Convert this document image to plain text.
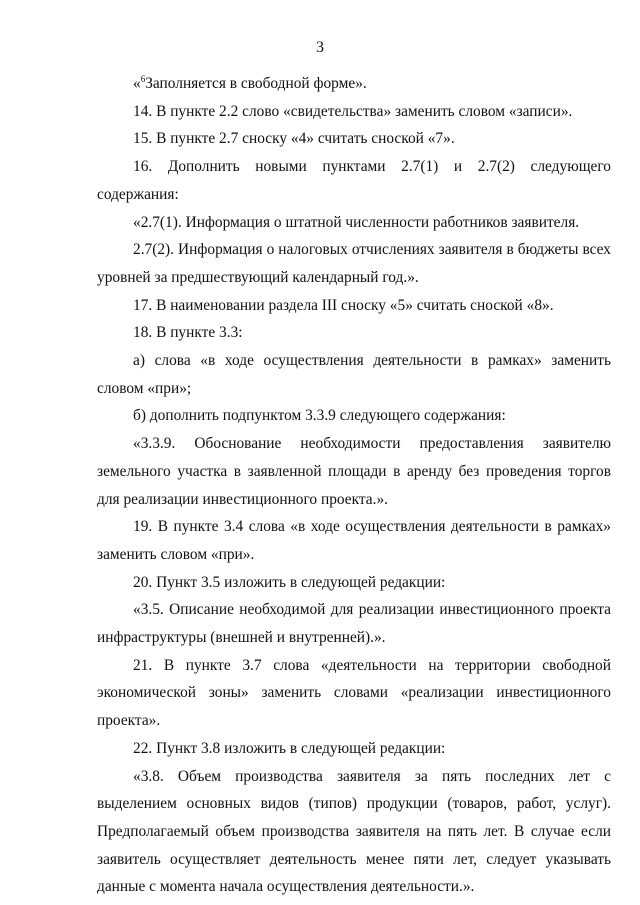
3

«$^6$Заполняется в свободной форме».

14. В пункте 2.2 слово «свидетельства» заменить словом «записи».

15. В пункте 2.7 сноску «4» считать сноской «7».

16. Дополнить новыми пунктами 2.7(1) и 2.7(2) следующего содержания:

«2.7(1). Информация о штатной численности работников заявителя.

2.7(2). Информация о налоговых отчислениях заявителя в бюджеты всех уровней за предшествующий календарный год.».

17. В наименовании раздела III сноску «5» считать сноской «8».

18. В пункте 3.3:

а) слова «в ходе осуществления деятельности в рамках» заменить словом «при»;

б) дополнить подпунктом 3.3.9 следующего содержания:

«3.3.9. Обоснование необходимости предоставления заявителю земельного участка в заявленной площади в аренду без проведения торгов для реализации инвестиционного проекта.».

19. В пункте 3.4 слова «в ходе осуществления деятельности в рамках» заменить словом «при».

20. Пункт 3.5 изложить в следующей редакции:

«3.5. Описание необходимой для реализации инвестиционного проекта инфраструктуры (внешней и внутренней).».

21. В пункте 3.7 слова «деятельности на территории свободной экономической зоны» заменить словами «реализации инвестиционного проекта».

22. Пункт 3.8 изложить в следующей редакции:

«3.8. Объем производства заявителя за пять последних лет с выделением основных видов (типов) продукции (товаров, работ, услуг). Предполагаемый объем производства заявителя на пять лет. В случае если заявитель осуществляет деятельность менее пяти лет, следует указывать данные с момента начала осуществления деятельности.».
